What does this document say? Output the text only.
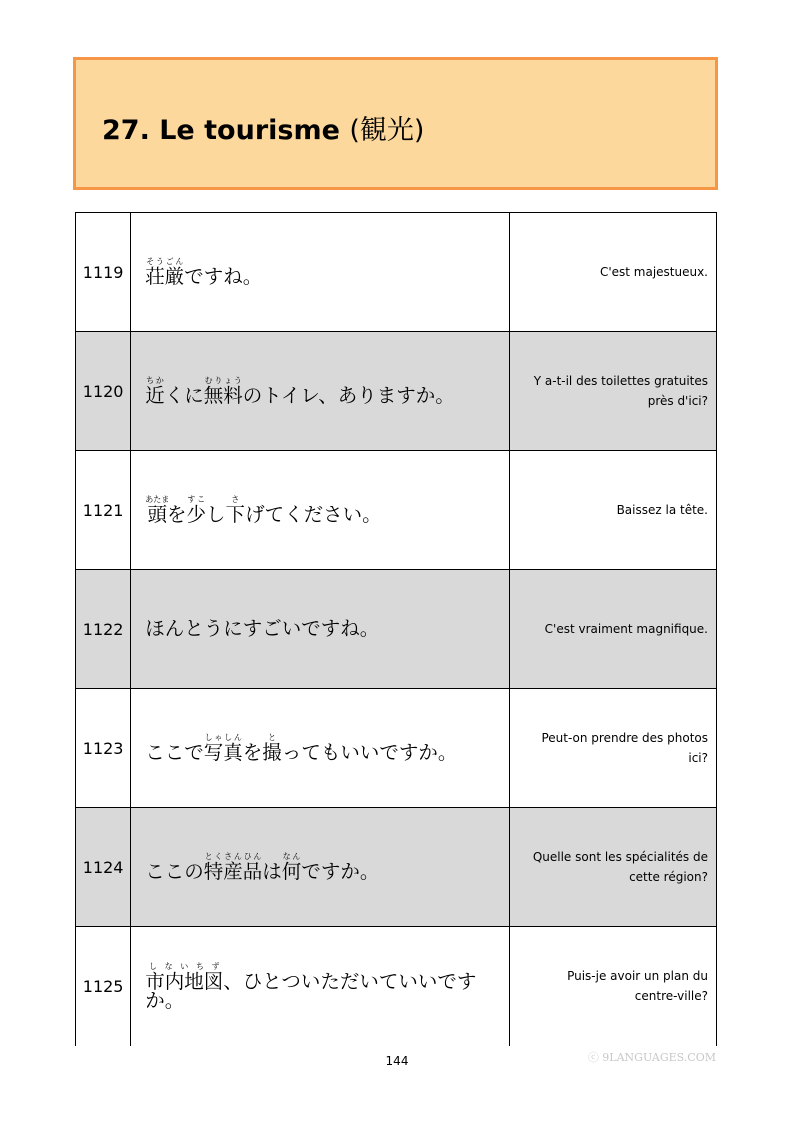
27. Le tourisme (観光)
1119	荘厳そうごんですね。	C'est majestueux.
1120	近ちかくに無料むりょうのトイレ、ありますか。	Y a-t-il des toilettes gratuites près d'ici?
1121	頭あたまを少すこし下さげてください。	Baissez la tête.
1122	ほんとうにすごいですね。	C'est vraiment magnifique.
1123	ここで写真しゃしんを撮とってもいいですか。	Peut-on prendre des photos ici?
1124	ここの特産品とくさんひんは何なんですか。	Quelle sont les spécialités de cette région?
1125	市内地図しないちず、ひとついただいていいですか。	Puis-je avoir un plan du centre-ville?
144	ⓒ 9LANGUAGES.COM
